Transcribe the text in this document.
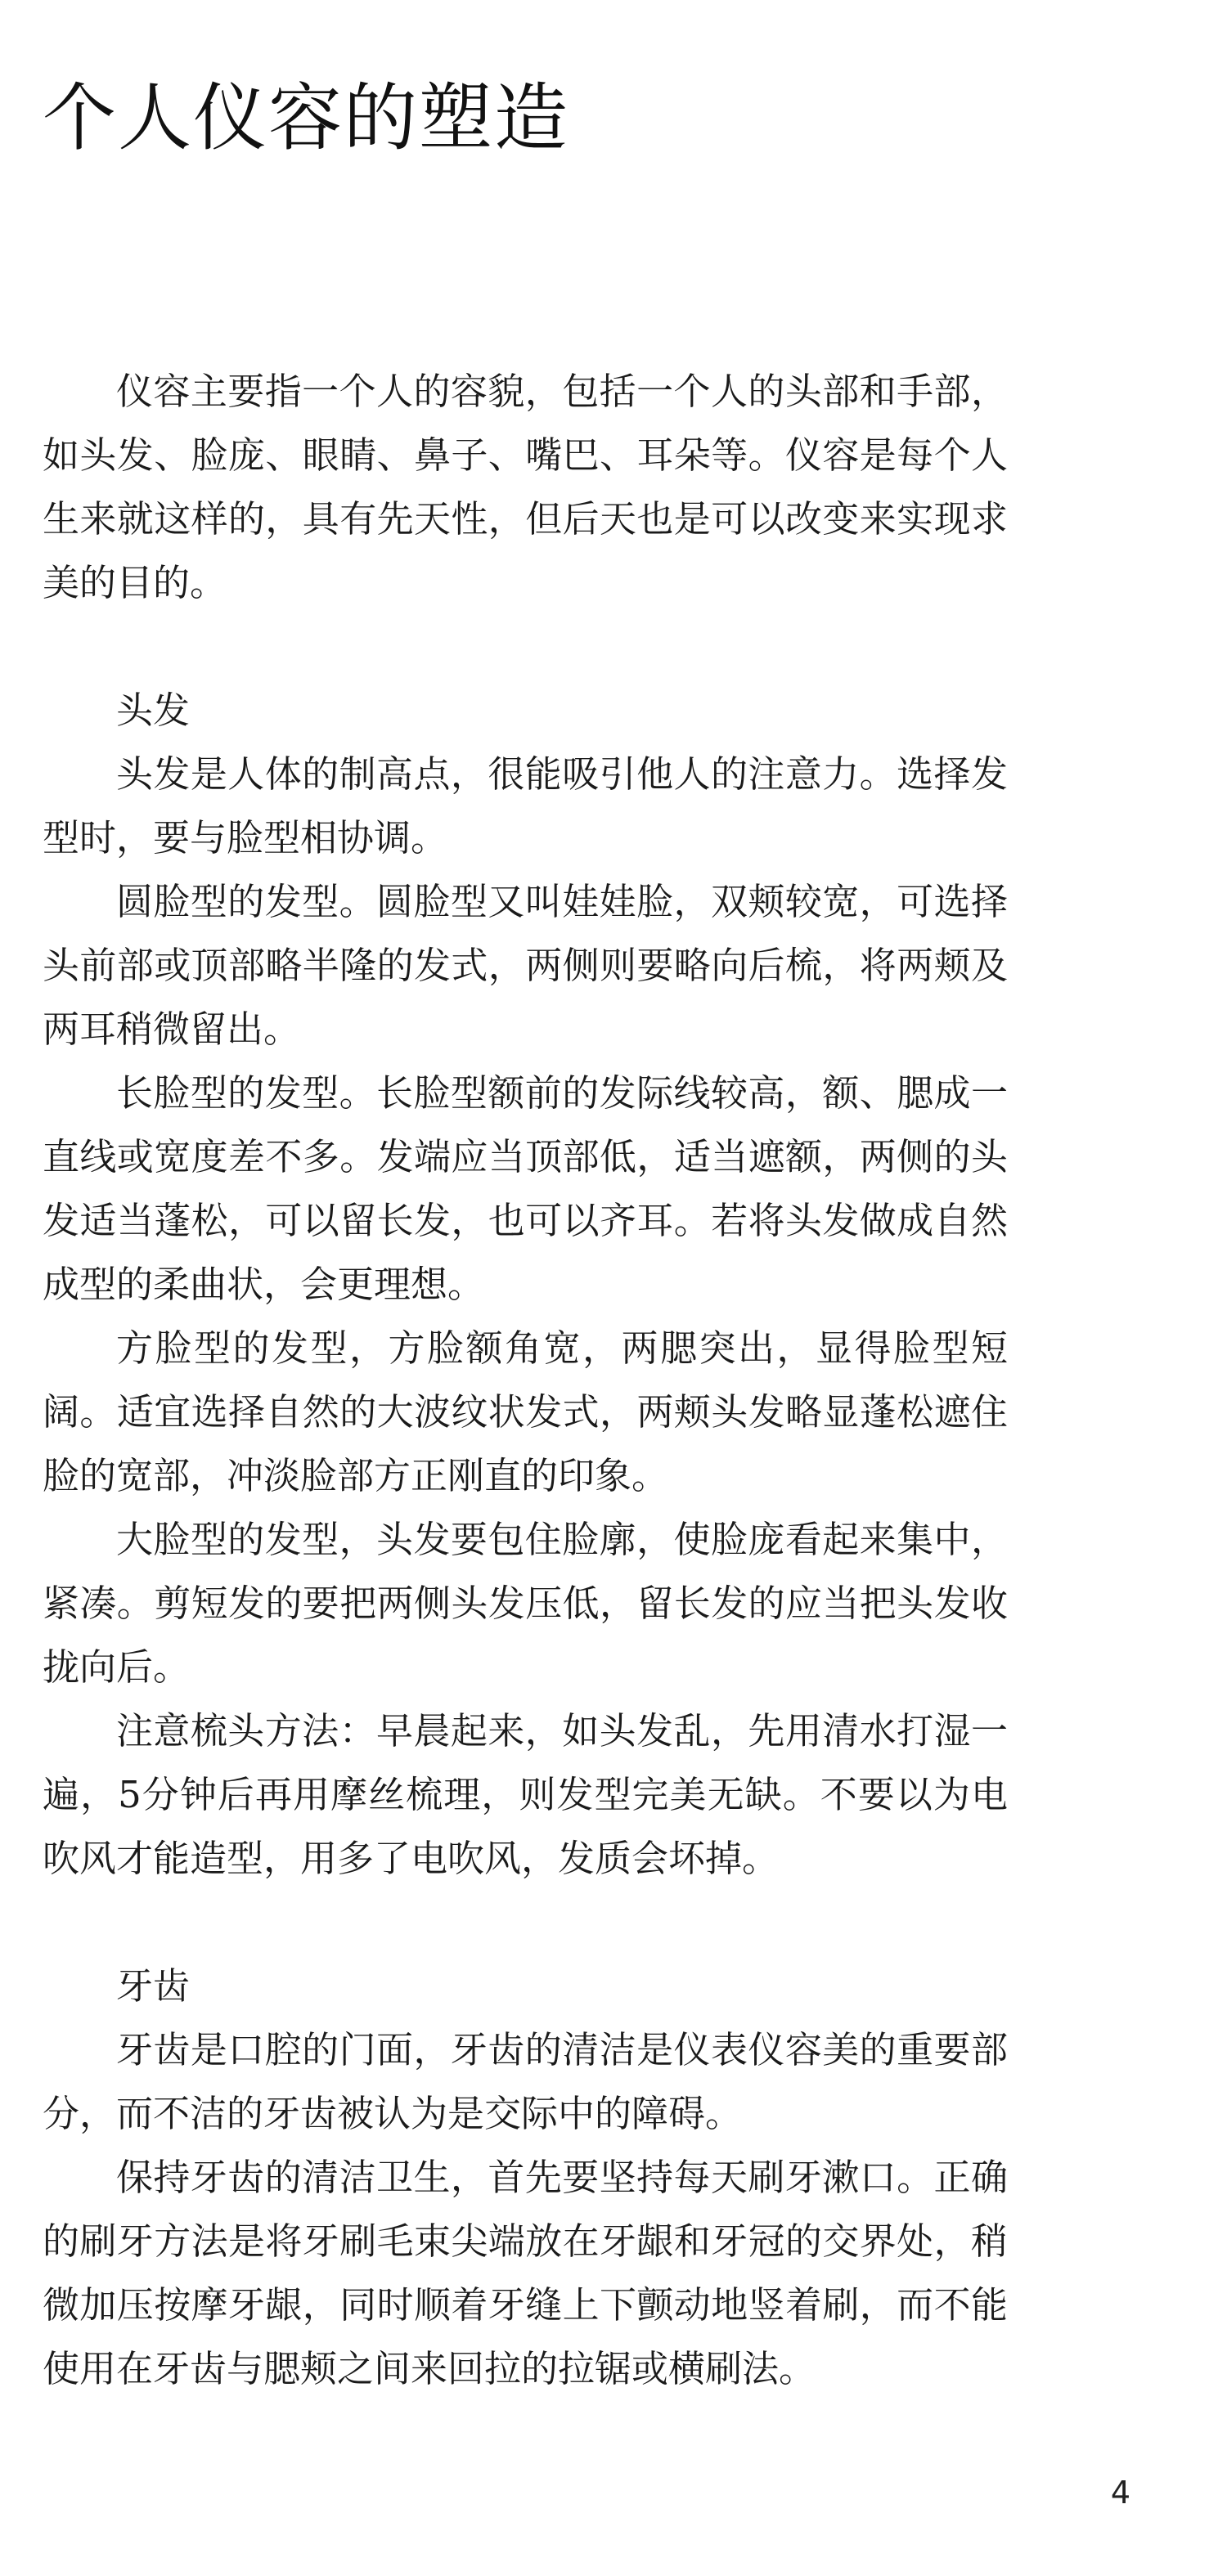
个人仪容的塑造

仪容主要指一个人的容貌，包括一个人的头部和手部，如头发、脸庞、眼睛、鼻子、嘴巴、耳朵等。仪容是每个人生来就这样的，具有先天性，但后天也是可以改变来实现求美的目的。

头发

头发是人体的制高点，很能吸引他人的注意力。选择发型时，要与脸型相协调。

圆脸型的发型。圆脸型又叫娃娃脸，双颊较宽，可选择头前部或顶部略半隆的发式，两侧则要略向后梳，将两颊及两耳稍微留出。

长脸型的发型。长脸型额前的发际线较高，额、腮成一直线或宽度差不多。发端应当顶部低，适当遮额，两侧的头发适当蓬松，可以留长发，也可以齐耳。若将头发做成自然成型的柔曲状，会更理想。

方脸型的发型，方脸额角宽，两腮突出，显得脸型短阔。适宜选择自然的大波纹状发式，两颊头发略显蓬松遮住脸的宽部，冲淡脸部方正刚直的印象。

大脸型的发型，头发要包住脸廓，使脸庞看起来集中，紧凑。剪短发的要把两侧头发压低，留长发的应当把头发收拢向后。

注意梳头方法：早晨起来，如头发乱，先用清水打湿一遍，5分钟后再用摩丝梳理，则发型完美无缺。不要以为电吹风才能造型，用多了电吹风，发质会坏掉。

牙齿

牙齿是口腔的门面，牙齿的清洁是仪表仪容美的重要部分，而不洁的牙齿被认为是交际中的障碍。

保持牙齿的清洁卫生，首先要坚持每天刷牙漱口。正确的刷牙方法是将牙刷毛束尖端放在牙龈和牙冠的交界处，稍微加压按摩牙龈，同时顺着牙缝上下颤动地竖着刷，而不能使用在牙齿与腮颊之间来回拉的拉锯或横刷法。

4
